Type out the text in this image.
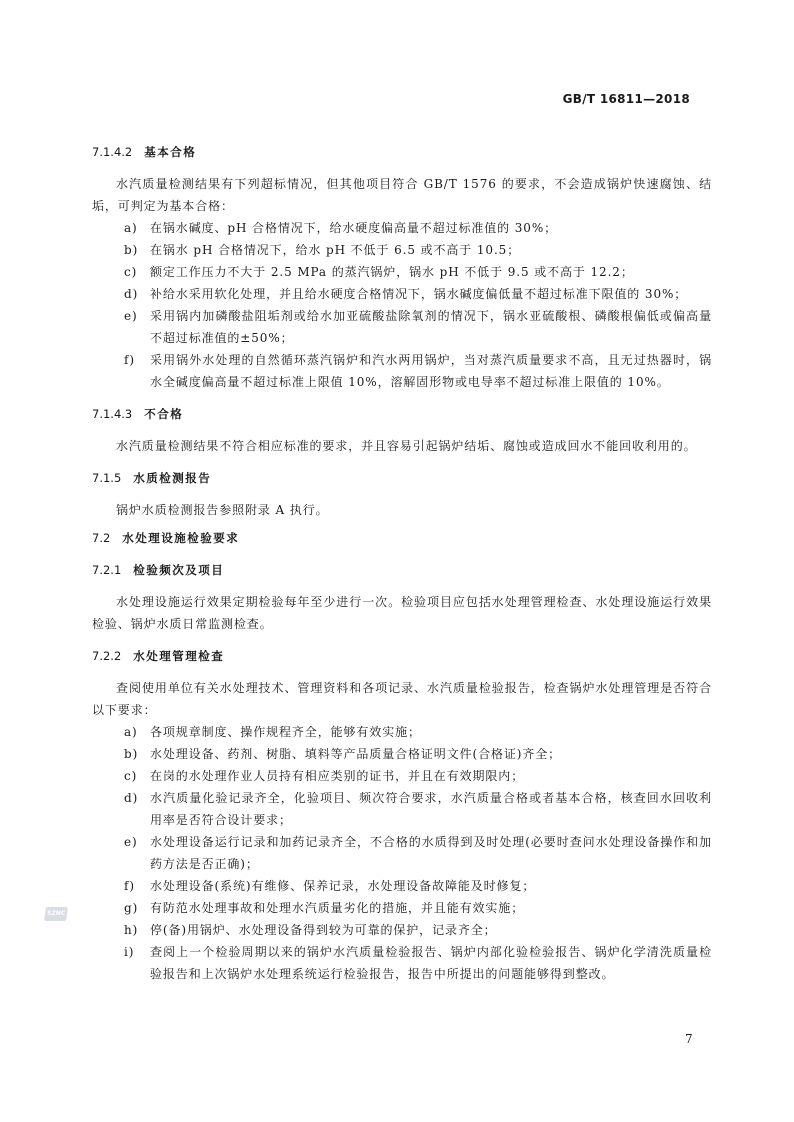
GB/T 16811—2018
7.1.4.2 基本合格

水汽质量检测结果有下列超标情况，但其他项目符合 GB/T 1576 的要求，不会造成锅炉快速腐蚀、结垢，可判定为基本合格：

a) 在锅水碱度、pH 合格情况下，给水硬度偏高量不超过标准值的 30%；
b) 在锅水 pH 合格情况下，给水 pH 不低于 6.5 或不高于 10.5；
c) 额定工作压力不大于 2.5 MPa 的蒸汽锅炉，锅水 pH 不低于 9.5 或不高于 12.2；
d) 补给水采用软化处理，并且给水硬度合格情况下，锅水碱度偏低量不超过标准下限值的 30%；
e) 采用锅内加磷酸盐阻垢剂或给水加亚硫酸盐除氧剂的情况下，锅水亚硫酸根、磷酸根偏低或偏高量不超过标准值的±50%；
f) 采用锅外水处理的自然循环蒸汽锅炉和汽水两用锅炉，当对蒸汽质量要求不高，且无过热器时，锅水全碱度偏高量不超过标准上限值 10%，溶解固形物或电导率不超过标准上限值的 10%。
7.1.4.3 不合格

水汽质量检测结果不符合相应标准的要求，并且容易引起锅炉结垢、腐蚀或造成回水不能回收利用的。

7.1.5 水质检测报告

锅炉水质检测报告参照附录 A 执行。

7.2 水处理设施检验要求
7.2.1 检验频次及项目

水处理设施运行效果定期检验每年至少进行一次。检验项目应包括水处理管理检查、水处理设施运行效果检验、锅炉水质日常监测检查。

7.2.2 水处理管理检查

查阅使用单位有关水处理技术、管理资料和各项记录、水汽质量检验报告，检查锅炉水处理管理是否符合以下要求：

a) 各项规章制度、操作规程齐全，能够有效实施；
b) 水处理设备、药剂、树脂、填料等产品质量合格证明文件(合格证)齐全；
c) 在岗的水处理作业人员持有相应类别的证书，并且在有效期限内；
d) 水汽质量化验记录齐全，化验项目、频次符合要求，水汽质量合格或者基本合格，核查回水回收利用率是否符合设计要求；
e) 水处理设备运行记录和加药记录齐全，不合格的水质得到及时处理(必要时查问水处理设备操作和加药方法是否正确)；
f) 水处理设备(系统)有维修、保养记录，水处理设备故障能及时修复；
g) 有防范水处理事故和处理水汽质量劣化的措施，并且能有效实施；
h) 停(备)用锅炉、水处理设备得到较为可靠的保护，记录齐全；
i) 查阅上一个检验周期以来的锅炉水汽质量检验报告、锅炉内部化验检验报告、锅炉化学清洗质量检验报告和上次锅炉水处理系统运行检验报告，报告中所提出的问题能够得到整改。
SZNC
7
